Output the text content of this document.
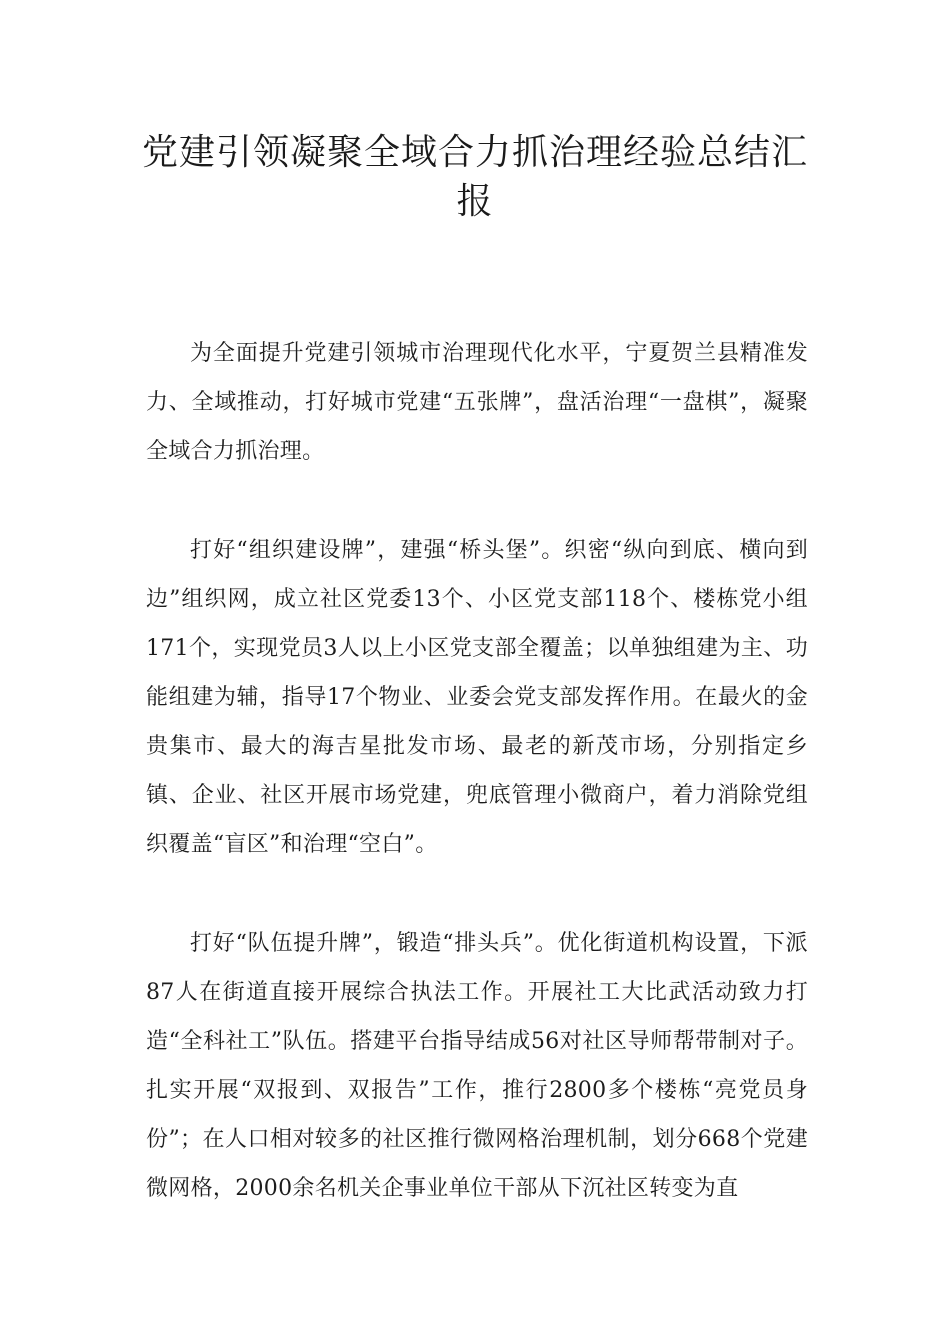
党建引领凝聚全域合力抓治理经验总结汇报

为全面提升党建引领城市治理现代化水平，宁夏贺兰县精准发力、全域推动，打好城市党建“五张牌”，盘活治理“一盘棋”，凝聚全域合力抓治理。

打好“组织建设牌”，建强“桥头堡”。织密“纵向到底、横向到边”组织网，成立社区党委13个、小区党支部118个、楼栋党小组171个，实现党员3人以上小区党支部全覆盖；以单独组建为主、功能组建为辅，指导17个物业、业委会党支部发挥作用。在最火的金贵集市、最大的海吉星批发市场、最老的新茂市场，分别指定乡镇、企业、社区开展市场党建，兜底管理小微商户，着力消除党组织覆盖“盲区”和治理“空白”。

打好“队伍提升牌”，锻造“排头兵”。优化街道机构设置，下派87人在街道直接开展综合执法工作。开展社工大比武活动致力打造“全科社工”队伍。搭建平台指导结成56对社区导师帮带制对子。扎实开展“双报到、双报告”工作，推行2800多个楼栋“亮党员身份”；在人口相对较多的社区推行微网格治理机制，划分668个党建微网格，2000余名机关企事业单位干部从下沉社区转变为直
